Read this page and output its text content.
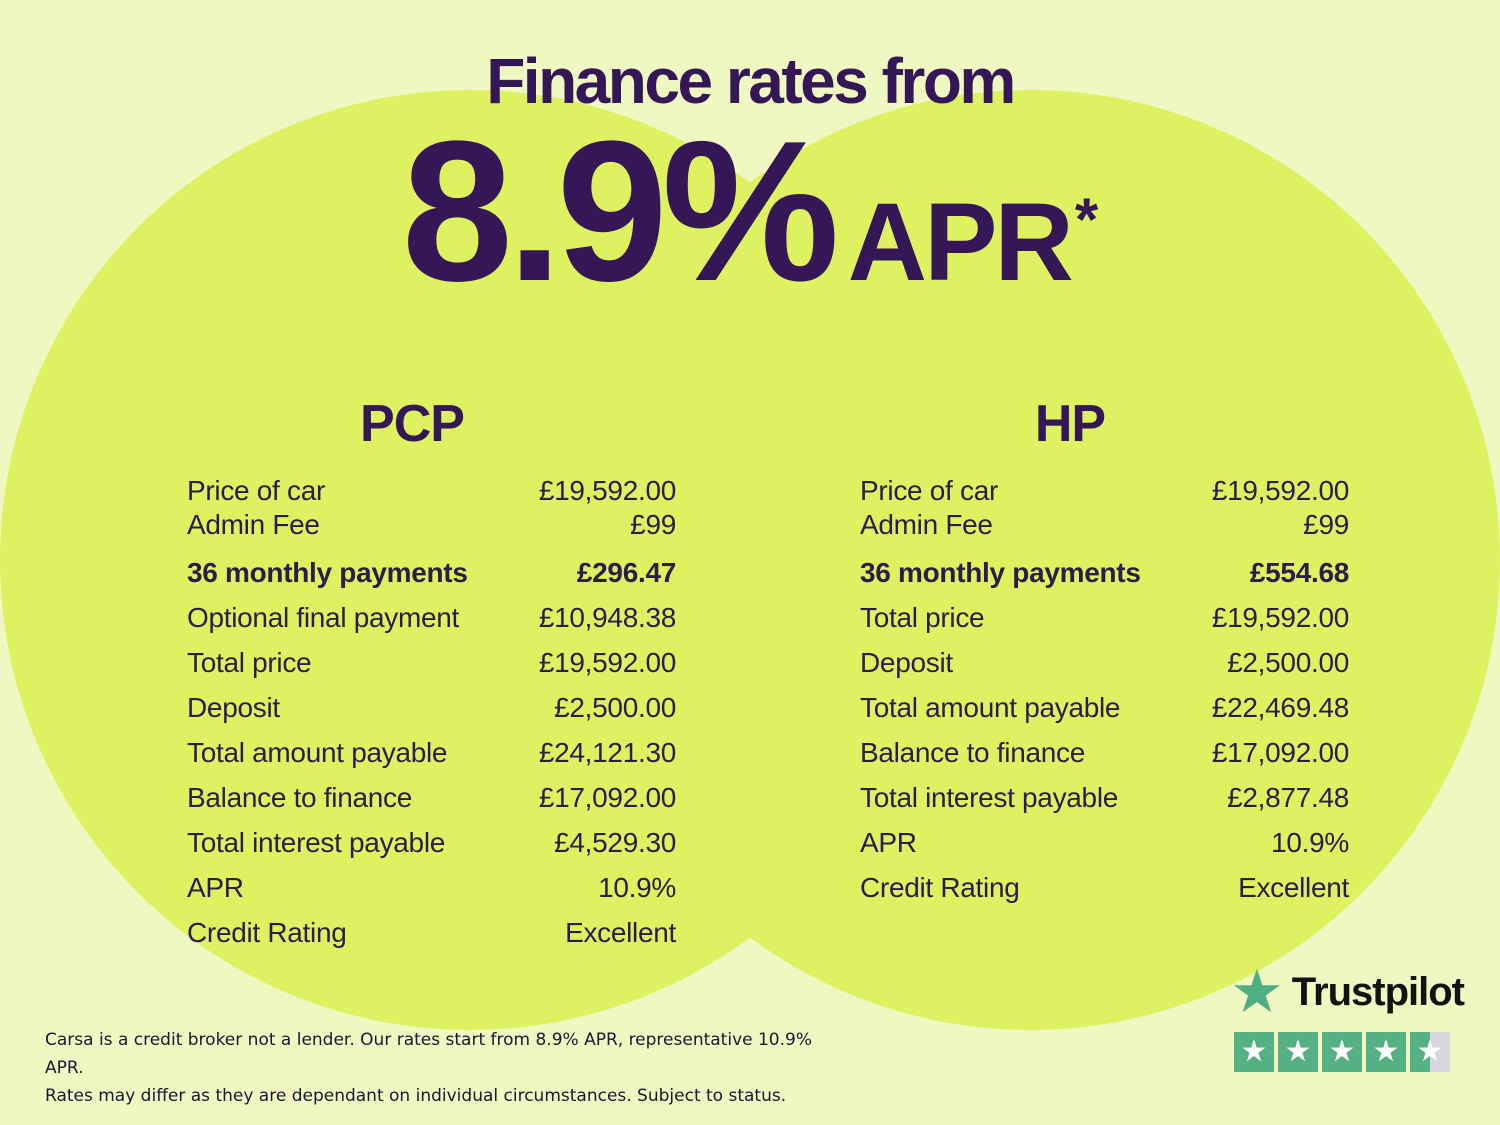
Finance rates from
8.9% APR *
PCP	HP
Price of car	£19,592.00
Admin Fee	£99
36 monthly payments	£296.47
Optional final payment	£10,948.38
Total price	£19,592.00
Deposit	£2,500.00
Total amount payable	£24,121.30
Balance to finance	£17,092.00
Total interest payable	£4,529.30
APR	10.9%
Credit Rating	Excellent
Price of car	£19,592.00
Admin Fee	£99
36 monthly payments	£554.68
Total price	£19,592.00
Deposit	£2,500.00
Total amount payable	£22,469.48
Balance to finance	£17,092.00
Total interest payable	£2,877.48
APR	10.9%
Credit Rating	Excellent
Carsa is a credit broker not a lender. Our rates start from 8.9% APR, representative 10.9% APR.
Rates may differ as they are dependant on individual circumstances. Subject to status.
★ Trustpilot
★ ★ ★ ★ ★
